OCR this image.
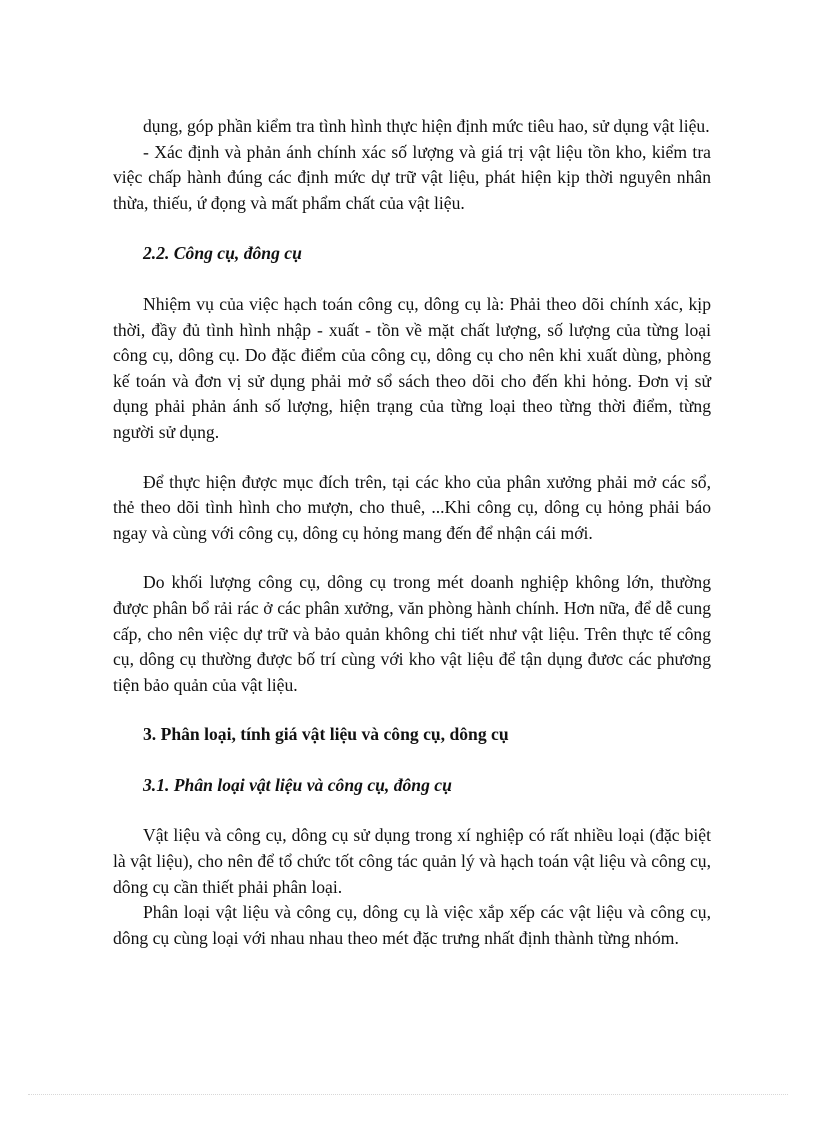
dụng, góp phần kiểm tra tình hình thực hiện định mức tiêu hao, sử dụng vật liệu.

- Xác định và phản ánh chính xác số lượng và giá trị vật liệu tồn kho, kiểm tra việc chấp hành đúng các định mức dự trữ vật liệu, phát hiện kịp thời nguyên nhân thừa, thiếu, ứ đọng và mất phẩm chất của vật liệu.

2.2. Công cụ, đông cụ

Nhiệm vụ của việc hạch toán công cụ, dông cụ là: Phải theo dõi chính xác, kịp thời, đầy đủ tình hình nhập - xuất - tồn về mặt chất lượng, số lượng của từng loại công cụ, dông cụ. Do đặc điểm của công cụ, dông cụ cho nên khi xuất dùng, phòng kế toán và đơn vị sử dụng phải mở sổ sách theo dõi cho đến khi hỏng. Đơn vị sử dụng phải phản ánh số lượng, hiện trạng của từng loại theo từng thời điểm, từng người sử dụng.

Để thực hiện được mục đích trên, tại các kho của phân xưởng phải mở các sổ, thẻ theo dõi tình hình cho mượn, cho thuê, ...Khi công cụ, dông cụ hỏng phải báo ngay và cùng với công cụ, dông cụ hỏng mang đến để nhận cái mới.

Do khối lượng công cụ, dông cụ trong mét doanh nghiệp không lớn, thường được phân bổ rải rác ở các phân xưởng, văn phòng hành chính. Hơn nữa, để dễ cung cấp, cho nên việc dự trữ và bảo quản không chi tiết như vật liệu. Trên thực tế công cụ, dông cụ thường được bố trí cùng với kho vật liệu để tận dụng đươc các phương tiện bảo quản của vật liệu.

3. Phân loại, tính giá vật liệu và công cụ, dông cụ
3.1. Phân loại vật liệu và công cụ, đông cụ

Vật liệu và công cụ, dông cụ sử dụng trong xí nghiệp có rất nhiều loại (đặc biệt là vật liệu), cho nên để tổ chức tốt công tác quản lý và hạch toán vật liệu và công cụ, dông cụ cần thiết phải phân loại.

Phân loại vật liệu và công cụ, dông cụ là việc xắp xếp các vật liệu và công cụ, dông cụ cùng loại với nhau nhau theo mét đặc trưng nhất định thành từng nhóm.
